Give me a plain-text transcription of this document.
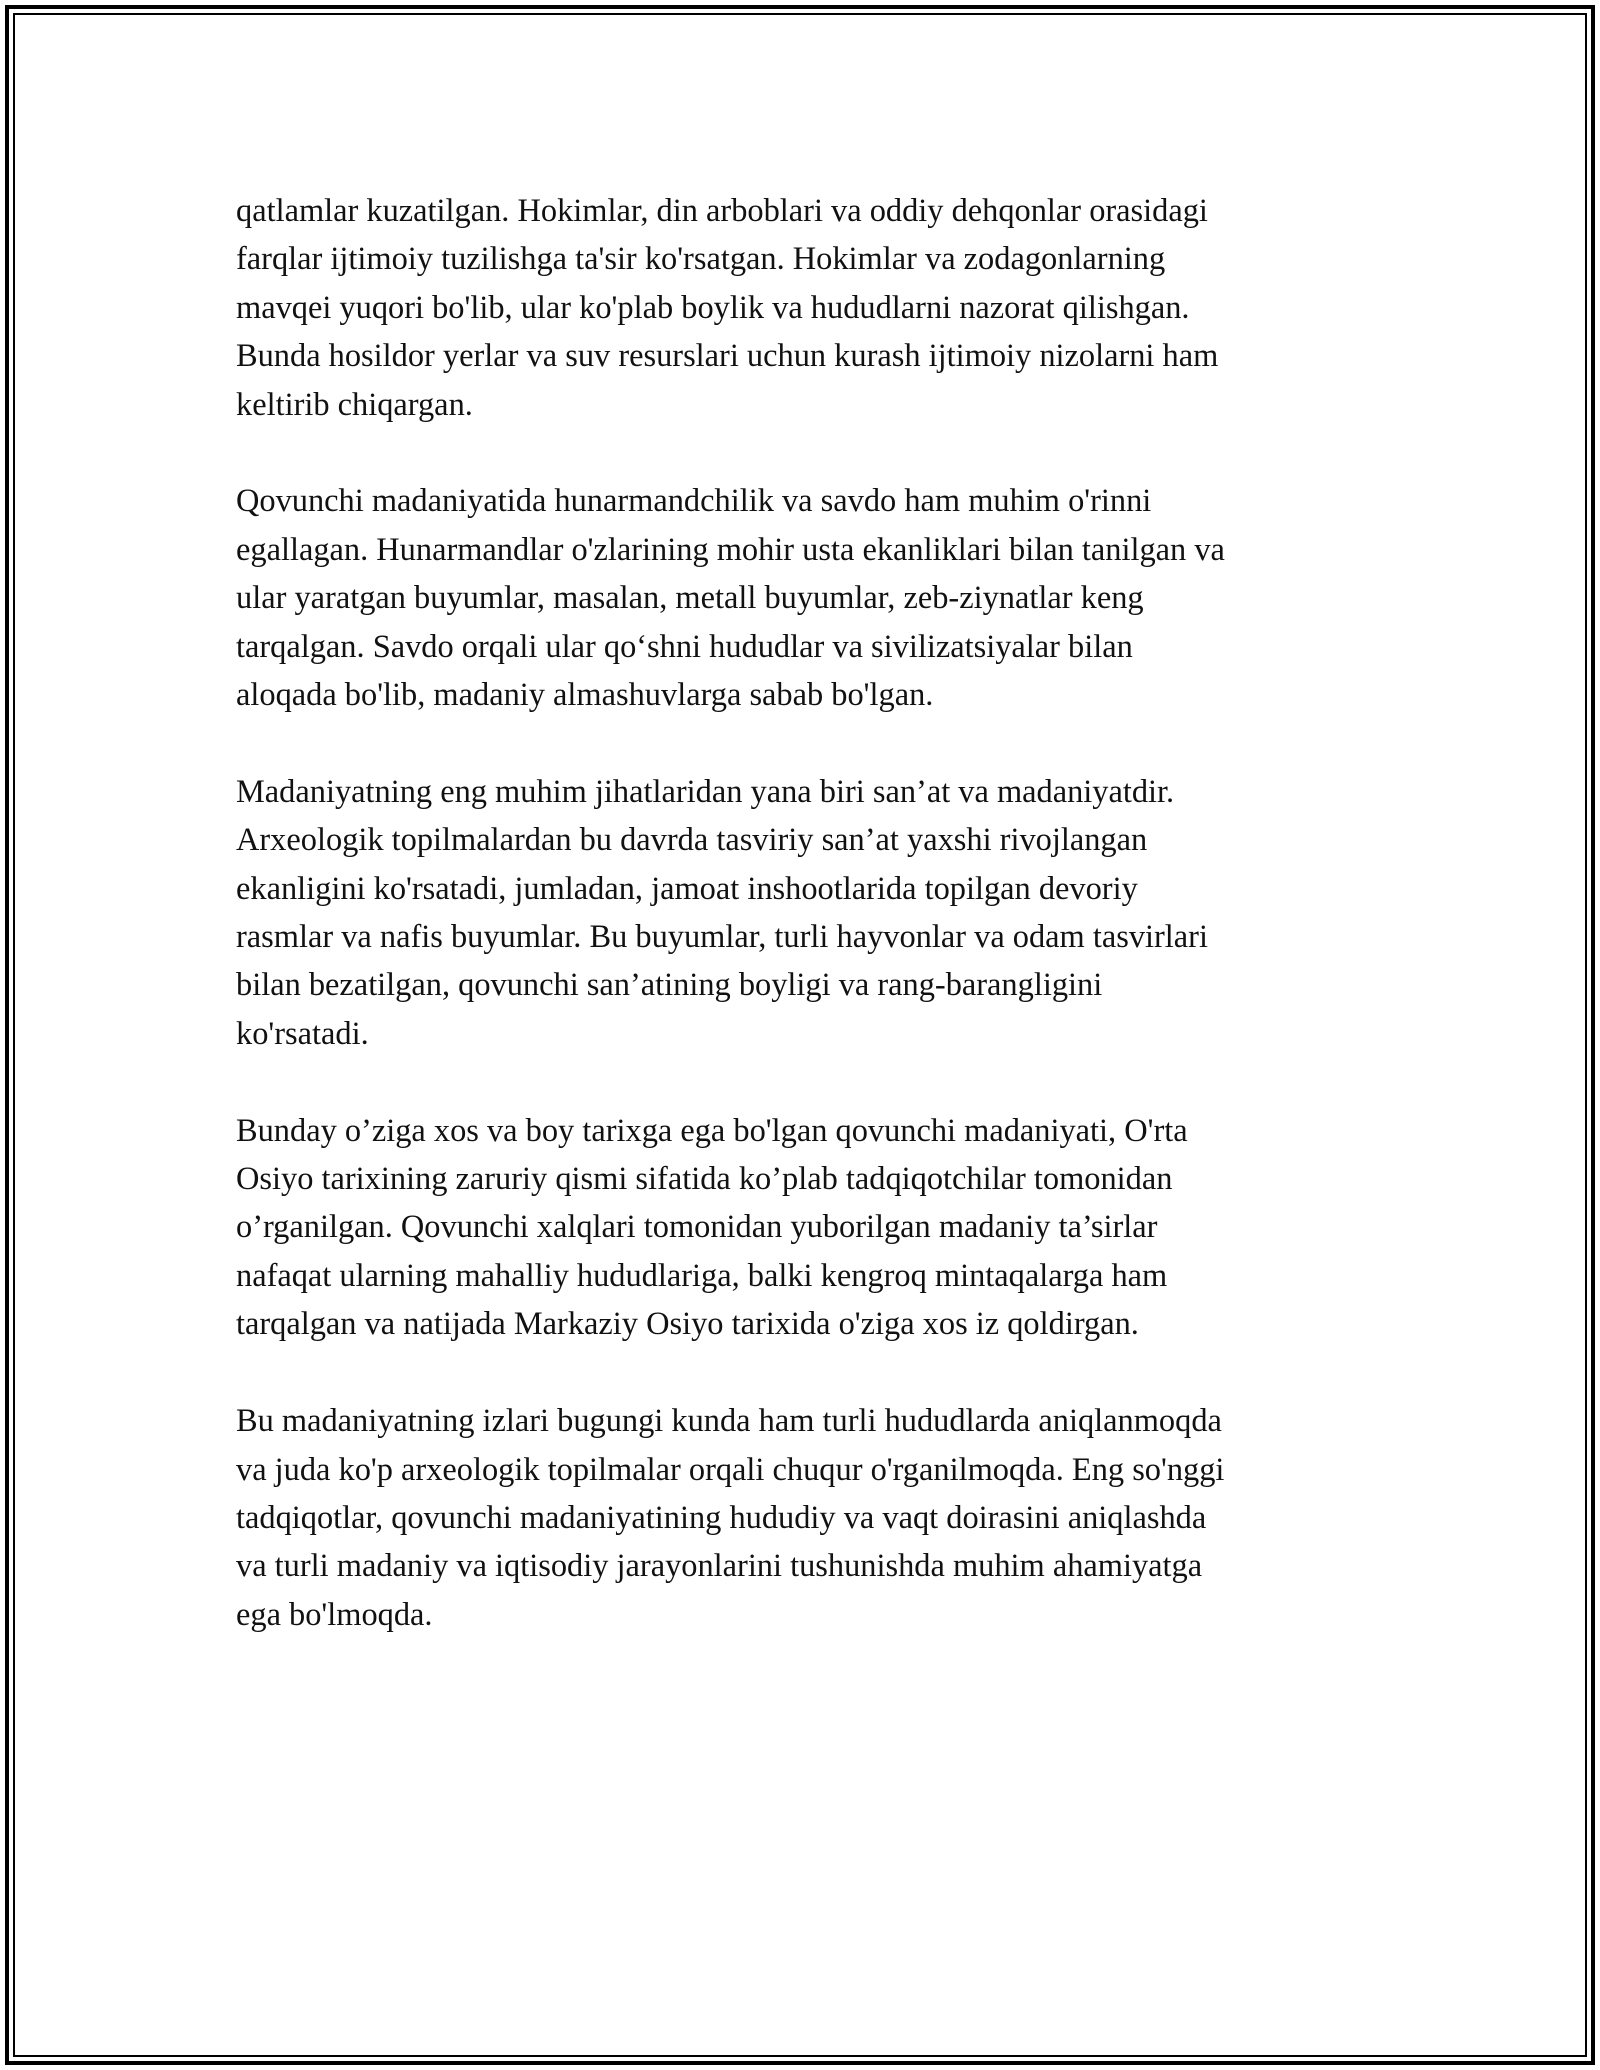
qatlamlar kuzatilgan. Hokimlar, din arboblari va oddiy dehqonlar orasidagi
farqlar ijtimoiy tuzilishga ta'sir ko'rsatgan. Hokimlar va zodagonlarning
mavqei yuqori bo'lib, ular ko'plab boylik va hududlarni nazorat qilishgan.
Bunda hosildor yerlar va suv resurslari uchun kurash ijtimoiy nizolarni ham
keltirib chiqargan.

Qovunchi madaniyatida hunarmandchilik va savdo ham muhim o'rinni
egallagan. Hunarmandlar o'zlarining mohir usta ekanliklari bilan tanilgan va
ular yaratgan buyumlar, masalan, metall buyumlar, zeb-ziynatlar keng
tarqalgan. Savdo orqali ular qo‘shni hududlar va sivilizatsiyalar bilan
aloqada bo'lib, madaniy almashuvlarga sabab bo'lgan.

Madaniyatning eng muhim jihatlaridan yana biri san’at va madaniyatdir.
Arxeologik topilmalardan bu davrda tasviriy san’at yaxshi rivojlangan
ekanligini ko'rsatadi, jumladan, jamoat inshootlarida topilgan devoriy
rasmlar va nafis buyumlar. Bu buyumlar, turli hayvonlar va odam tasvirlari
bilan bezatilgan, qovunchi san’atining boyligi va rang-barangligini
ko'rsatadi.

Bunday o’ziga xos va boy tarixga ega bo'lgan qovunchi madaniyati, O'rta
Osiyo tarixining zaruriy qismi sifatida ko’plab tadqiqotchilar tomonidan
o’rganilgan. Qovunchi xalqlari tomonidan yuborilgan madaniy ta’sirlar
nafaqat ularning mahalliy hududlariga, balki kengroq mintaqalarga ham
tarqalgan va natijada Markaziy Osiyo tarixida o'ziga xos iz qoldirgan.

Bu madaniyatning izlari bugungi kunda ham turli hududlarda aniqlanmoqda
va juda ko'p arxeologik topilmalar orqali chuqur o'rganilmoqda. Eng so'nggi
tadqiqotlar, qovunchi madaniyatining hududiy va vaqt doirasini aniqlashda
va turli madaniy va iqtisodiy jarayonlarini tushunishda muhim ahamiyatga
ega bo'lmoqda.
